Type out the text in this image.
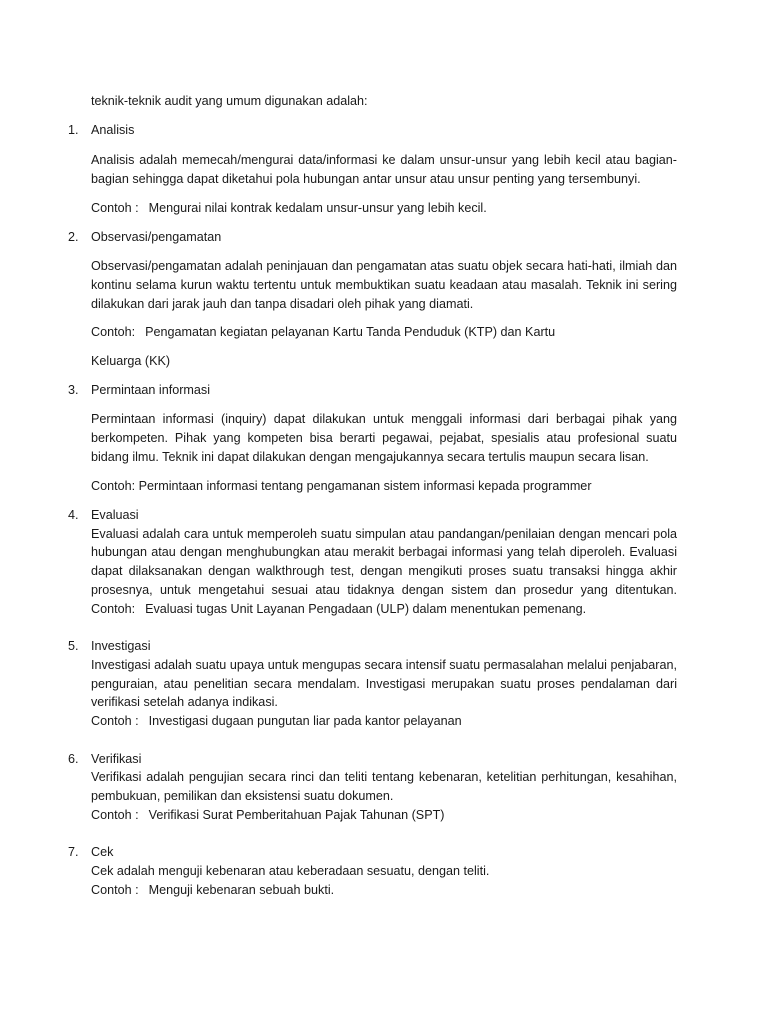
teknik-teknik audit yang umum digunakan adalah:
1. Analisis
Analisis adalah memecah/mengurai data/informasi ke dalam unsur-unsur yang lebih kecil atau bagian-
bagian sehingga dapat diketahui pola hubungan antar unsur atau unsur penting yang tersembunyi.
Contoh : Mengurai nilai kontrak kedalam unsur-unsur yang lebih kecil.
2. Observasi/pengamatan
Observasi/pengamatan adalah peninjauan dan pengamatan atas suatu objek secara hati-hati, ilmiah dan
kontinu selama kurun waktu tertentu untuk membuktikan suatu keadaan atau masalah. Teknik ini sering
dilakukan dari jarak jauh dan tanpa disadari oleh pihak yang diamati.
Contoh: Pengamatan kegiatan pelayanan Kartu Tanda Penduduk (KTP) dan Kartu
Keluarga (KK)
3. Permintaan informasi
Permintaan informasi (inquiry) dapat dilakukan untuk menggali informasi dari berbagai pihak yang
berkompeten. Pihak yang kompeten bisa berarti pegawai, pejabat, spesialis atau profesional suatu
bidang ilmu. Teknik ini dapat dilakukan dengan mengajukannya secara tertulis maupun secara lisan.
Contoh: Permintaan informasi tentang pengamanan sistem informasi kepada programmer
4. Evaluasi
Evaluasi adalah cara untuk memperoleh suatu simpulan atau pandangan/penilaian dengan mencari pola
hubungan atau dengan menghubungkan atau merakit berbagai informasi yang telah diperoleh. Evaluasi
dapat dilaksanakan dengan walkthrough test, dengan mengikuti proses suatu transaksi hingga akhir
prosesnya, untuk mengetahui sesuai atau tidaknya dengan sistem dan prosedur yang ditentukan.
Contoh: Evaluasi tugas Unit Layanan Pengadaan (ULP) dalam menentukan pemenang.
5. Investigasi
Investigasi adalah suatu upaya untuk mengupas secara intensif suatu permasalahan melalui penjabaran,
penguraian, atau penelitian secara mendalam. Investigasi merupakan suatu proses pendalaman dari
verifikasi setelah adanya indikasi.
Contoh : Investigasi dugaan pungutan liar pada kantor pelayanan
6. Verifikasi
Verifikasi adalah pengujian secara rinci dan teliti tentang kebenaran, ketelitian perhitungan, kesahihan,
pembukuan, pemilikan dan eksistensi suatu dokumen.
Contoh : Verifikasi Surat Pemberitahuan Pajak Tahunan (SPT)
7. Cek
Cek adalah menguji kebenaran atau keberadaan sesuatu, dengan teliti.
Contoh : Menguji kebenaran sebuah bukti.
